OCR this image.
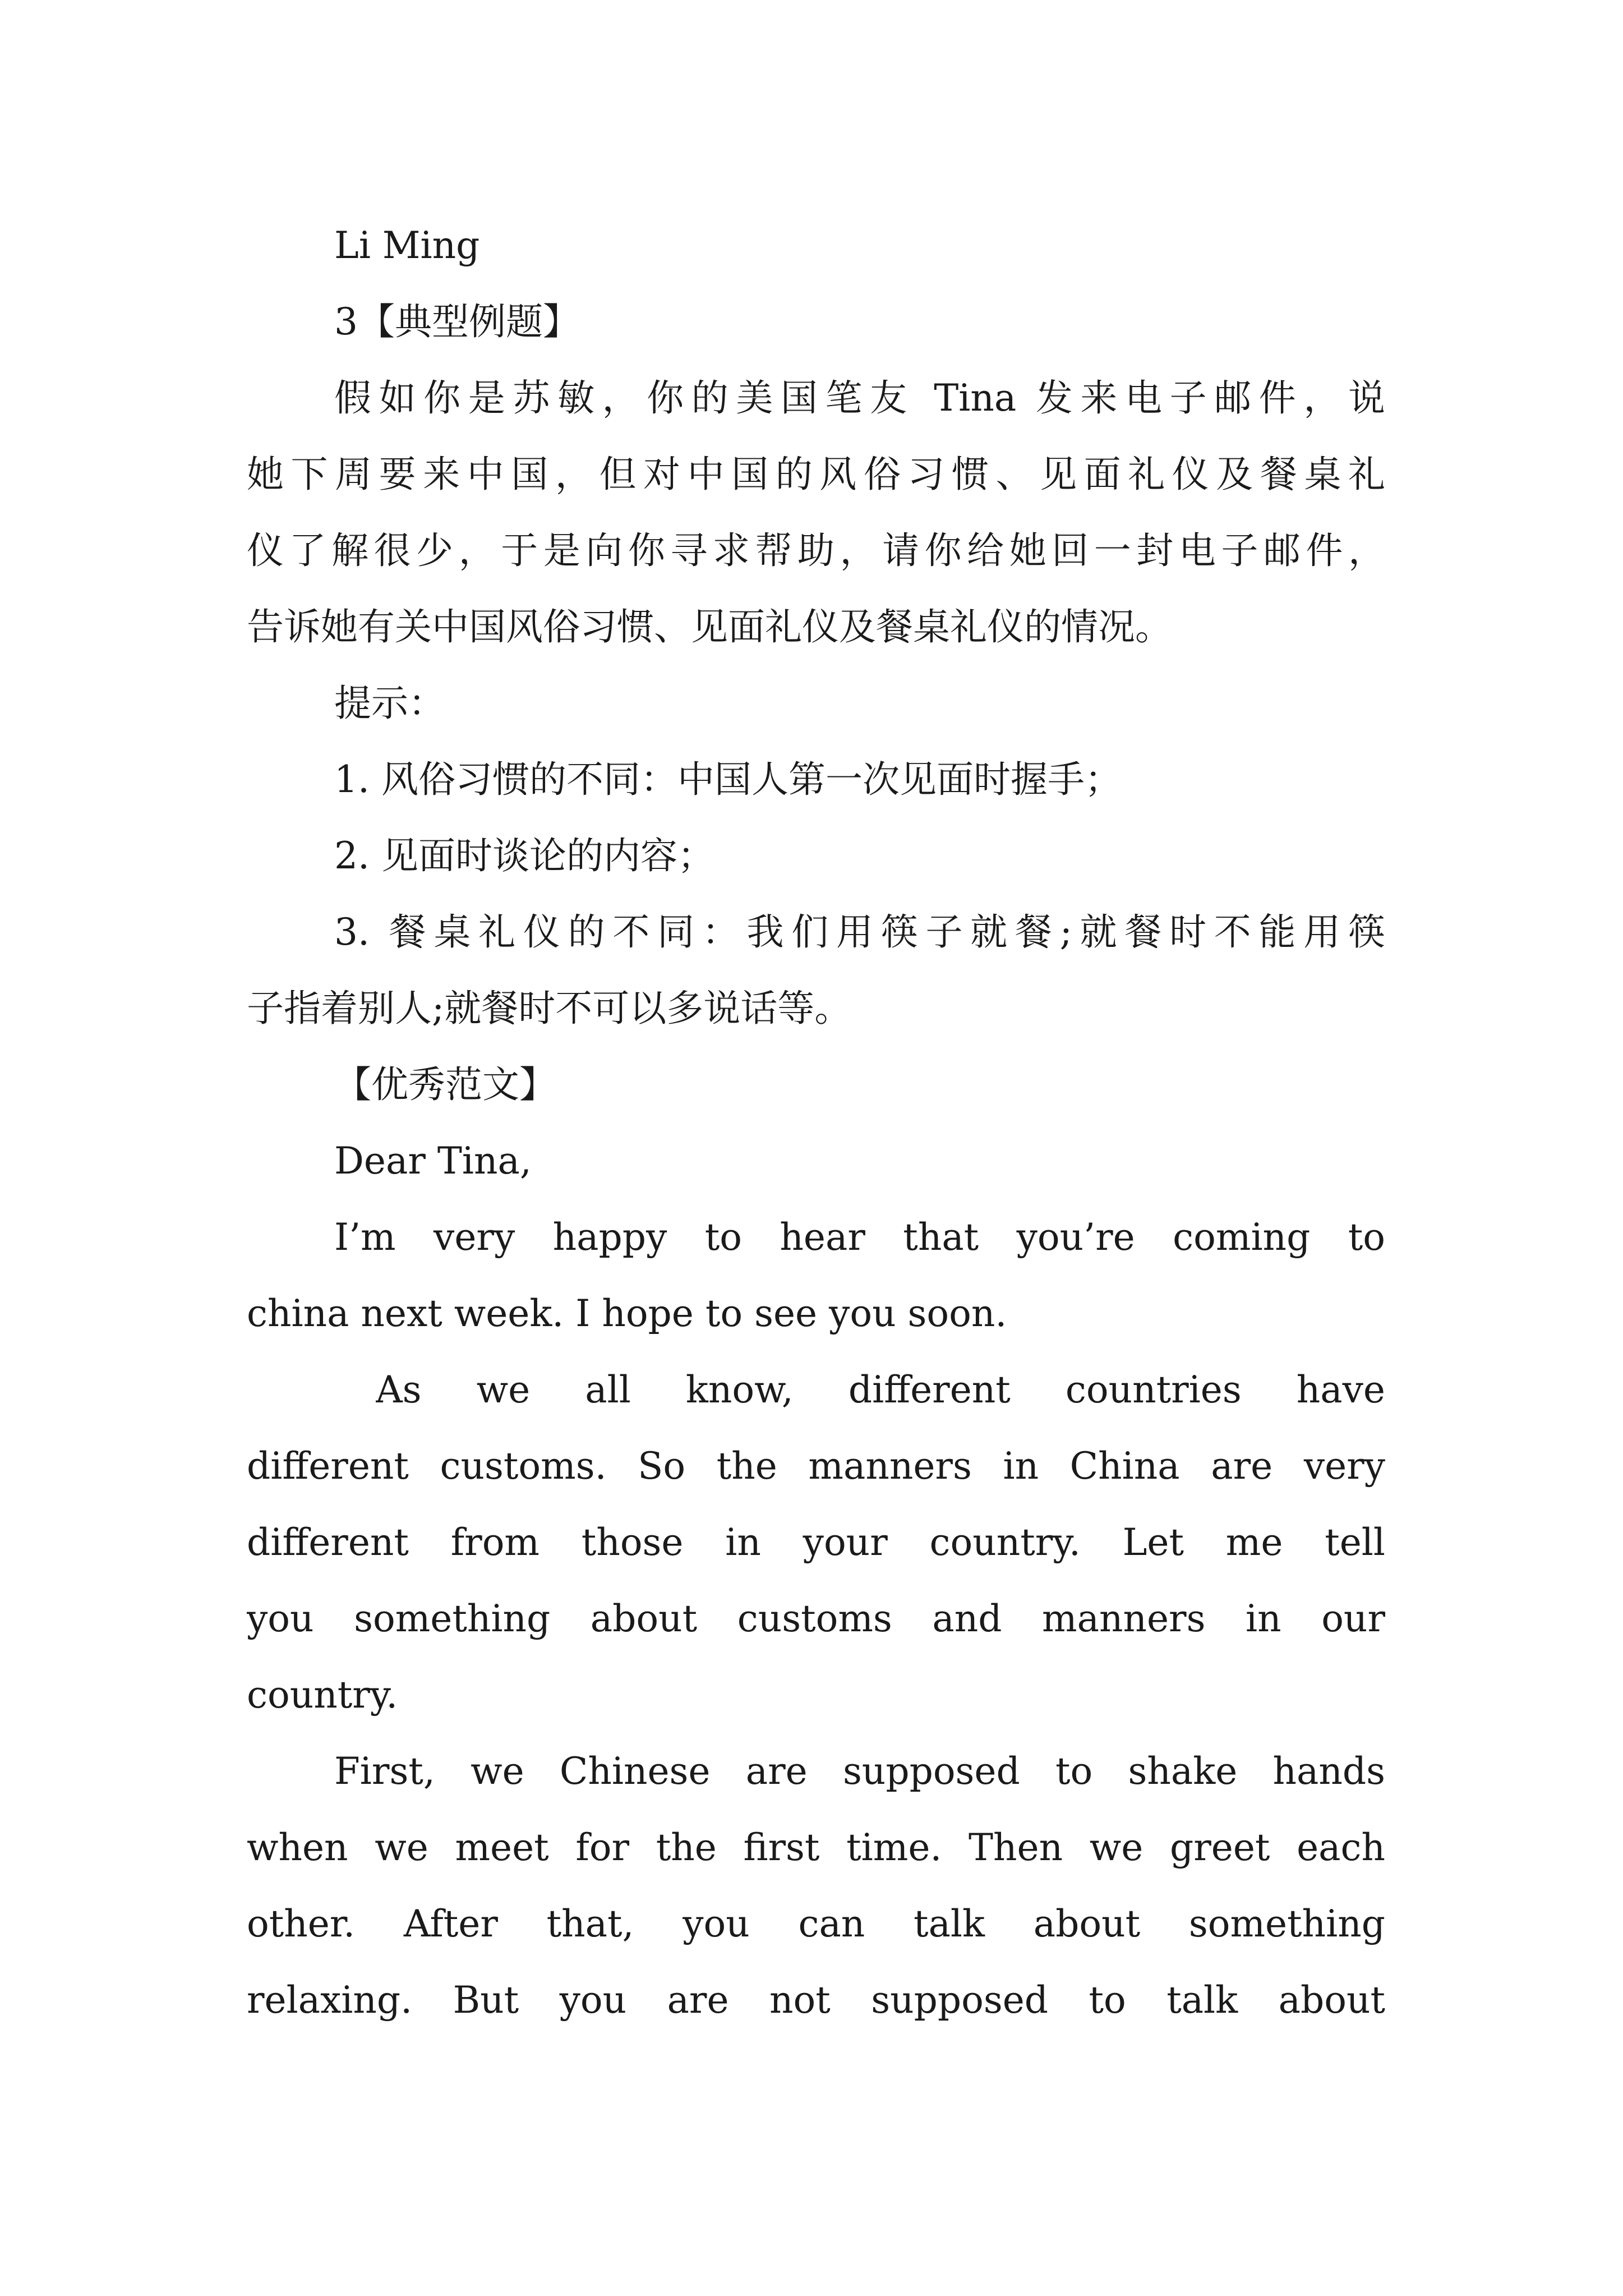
Li Ming
3【典型例题】
假如你是苏敏，你的美国笔友 Tina 发来电子邮件，说
她下周要来中国，但对中国的风俗习惯、见面礼仪及餐桌礼
仪了解很少，于是向你寻求帮助，请你给她回一封电子邮件，
告诉她有关中国风俗习惯、见面礼仪及餐桌礼仪的情况。
提示：
1. 风俗习惯的不同：中国人第一次见面时握手；
2. 见面时谈论的内容；
3. 餐桌礼仪的不同：我们用筷子就餐;就餐时不能用筷
子指着别人;就餐时不可以多说话等。
【优秀范文】
Dear Tina,
I’m very happy to hear that you’re coming to
china next week. I hope to see you soon.
As we all know, different countries have
different customs. So the manners in China are very
different from those in your country. Let me tell
you something about customs and manners in our
country.
First, we Chinese are supposed to shake hands
when we meet for the first time. Then we greet each
other. After that, you can talk about something
relaxing. But you are not supposed to talk about
